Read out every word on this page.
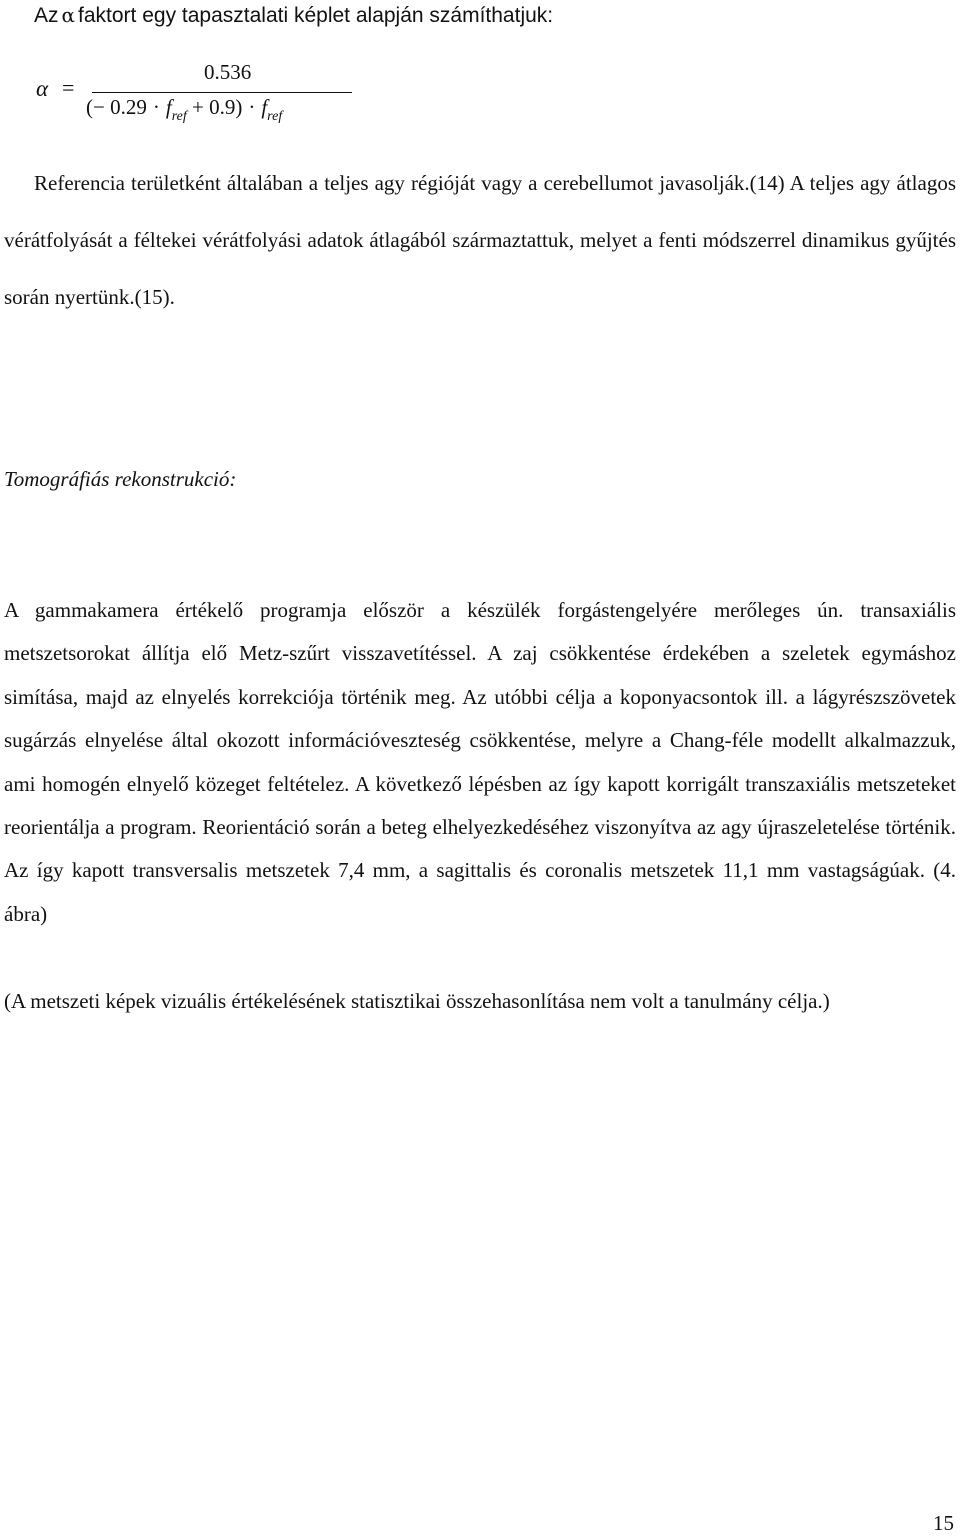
Az α faktort egy tapasztalati képlet alapján számíthatjuk:
α =
0.536
(− $0.29 \cdot f_{ref} + 0.9) \cdot f_{ref}$

Referencia területként általában a teljes agy régióját vagy a cerebellumot javasolják.(14) A teljes agy átlagos vérátfolyását a féltekei vérátfolyási adatok átlagából származtattuk, melyet a fenti módszerrel dinamikus gyűjtés során nyertünk.(15).

Tomográfiás rekonstrukció:

A gammakamera értékelő programja először a készülék forgástengelyére merőleges ún. transaxiális metszetsorokat állítja elő Metz-szűrt visszavetítéssel. A zaj csökkentése érdekében a szeletek egymáshoz simítása, majd az elnyelés korrekciója történik meg. Az utóbbi célja a koponyacsontok ill. a lágyrészszövetek sugárzás elnyelése által okozott információveszteség csökkentése, melyre a Chang-féle modellt alkalmazzuk, ami homogén elnyelő közeget feltételez. A következő lépésben az így kapott korrigált transzaxiális metszeteket reorientálja a program. Reorientáció során a beteg elhelyezkedéséhez viszonyítva az agy újraszeletelése történik. Az így kapott transversalis metszetek 7,4 mm, a sagittalis és coronalis metszetek 11,1 mm vastagságúak. (4. ábra)

(A metszeti képek vizuális értékelésének statisztikai összehasonlítása nem volt a tanulmány célja.)

15
